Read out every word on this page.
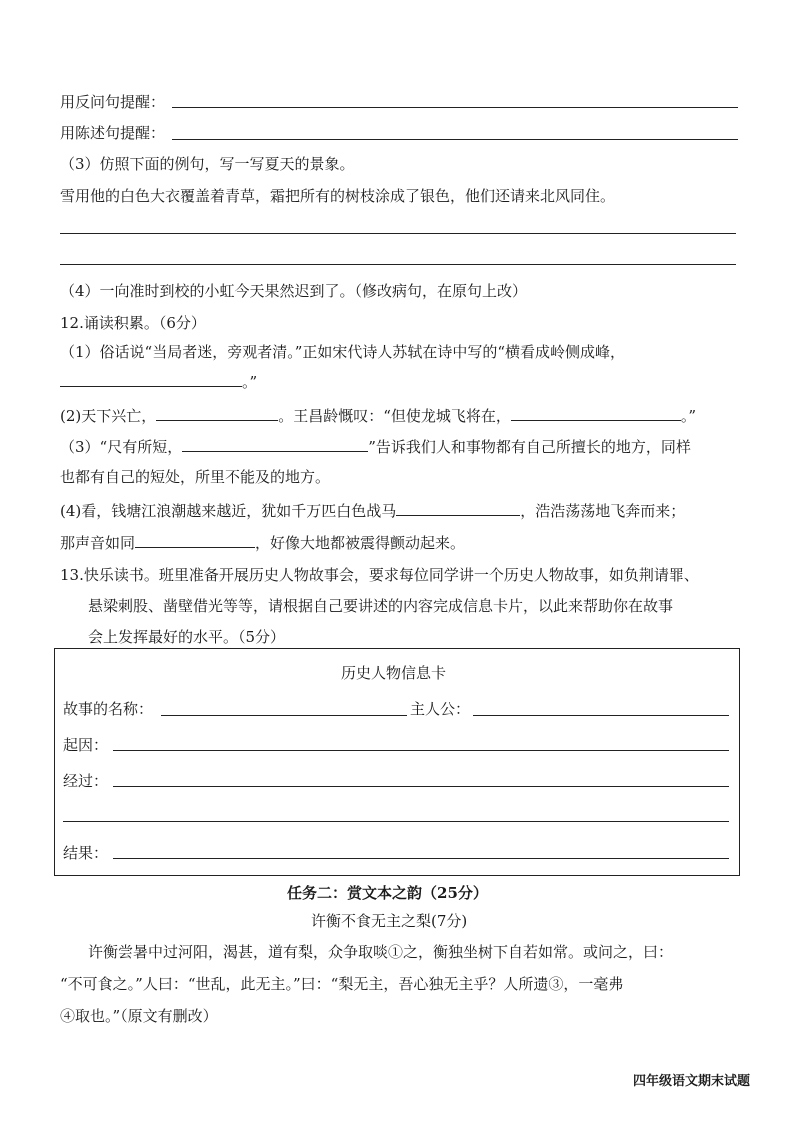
用反问句提醒：
用陈述句提醒：
（3）仿照下面的例句，写一写夏天的景象。
雪用他的白色大衣覆盖着青草，霜把所有的树枝涂成了银色，他们还请来北风同住。
（4）一向准时到校的小虹今天果然迟到了。（修改病句，在原句上改）
12.诵读积累。（6分）
（1）俗话说“当局者迷，旁观者清。”正如宋代诗人苏轼在诗中写的“横看成岭侧成峰，
。”
(2)天下兴亡，	。王昌龄慨叹：“但使龙城飞将在，	。”
（3）“尺有所短，	”告诉我们人和事物都有自己所擅长的地方，同样
也都有自己的短处，所里不能及的地方。
(4)看，钱塘江浪潮越来越近，犹如千万匹白色战马	，浩浩荡荡地飞奔而来；
那声音如同	，好像大地都被震得颤动起来。
13.快乐读书。班里准备开展历史人物故事会，要求每位同学讲一个历史人物故事，如负荆请罪、
悬梁刺股、凿壁借光等等，请根据自己要讲述的内容完成信息卡片，以此来帮助你在故事
会上发挥最好的水平。（5分）
历史人物信息卡
故事的名称：	主人公：
起因：
经过：
结果：
任务二：赏文本之韵（25分）
许衡不食无主之梨(7分)
许衡尝暑中过河阳，渴甚，道有梨，众争取啖①之，衡独坐树下自若如常。或问之，曰：
“不可食之。”人曰：“世乱，此无主。”曰：“梨无主，吾心独无主乎？人所遗③，一毫弗
④取也。”（原文有删改）
四年级语文期末试题
